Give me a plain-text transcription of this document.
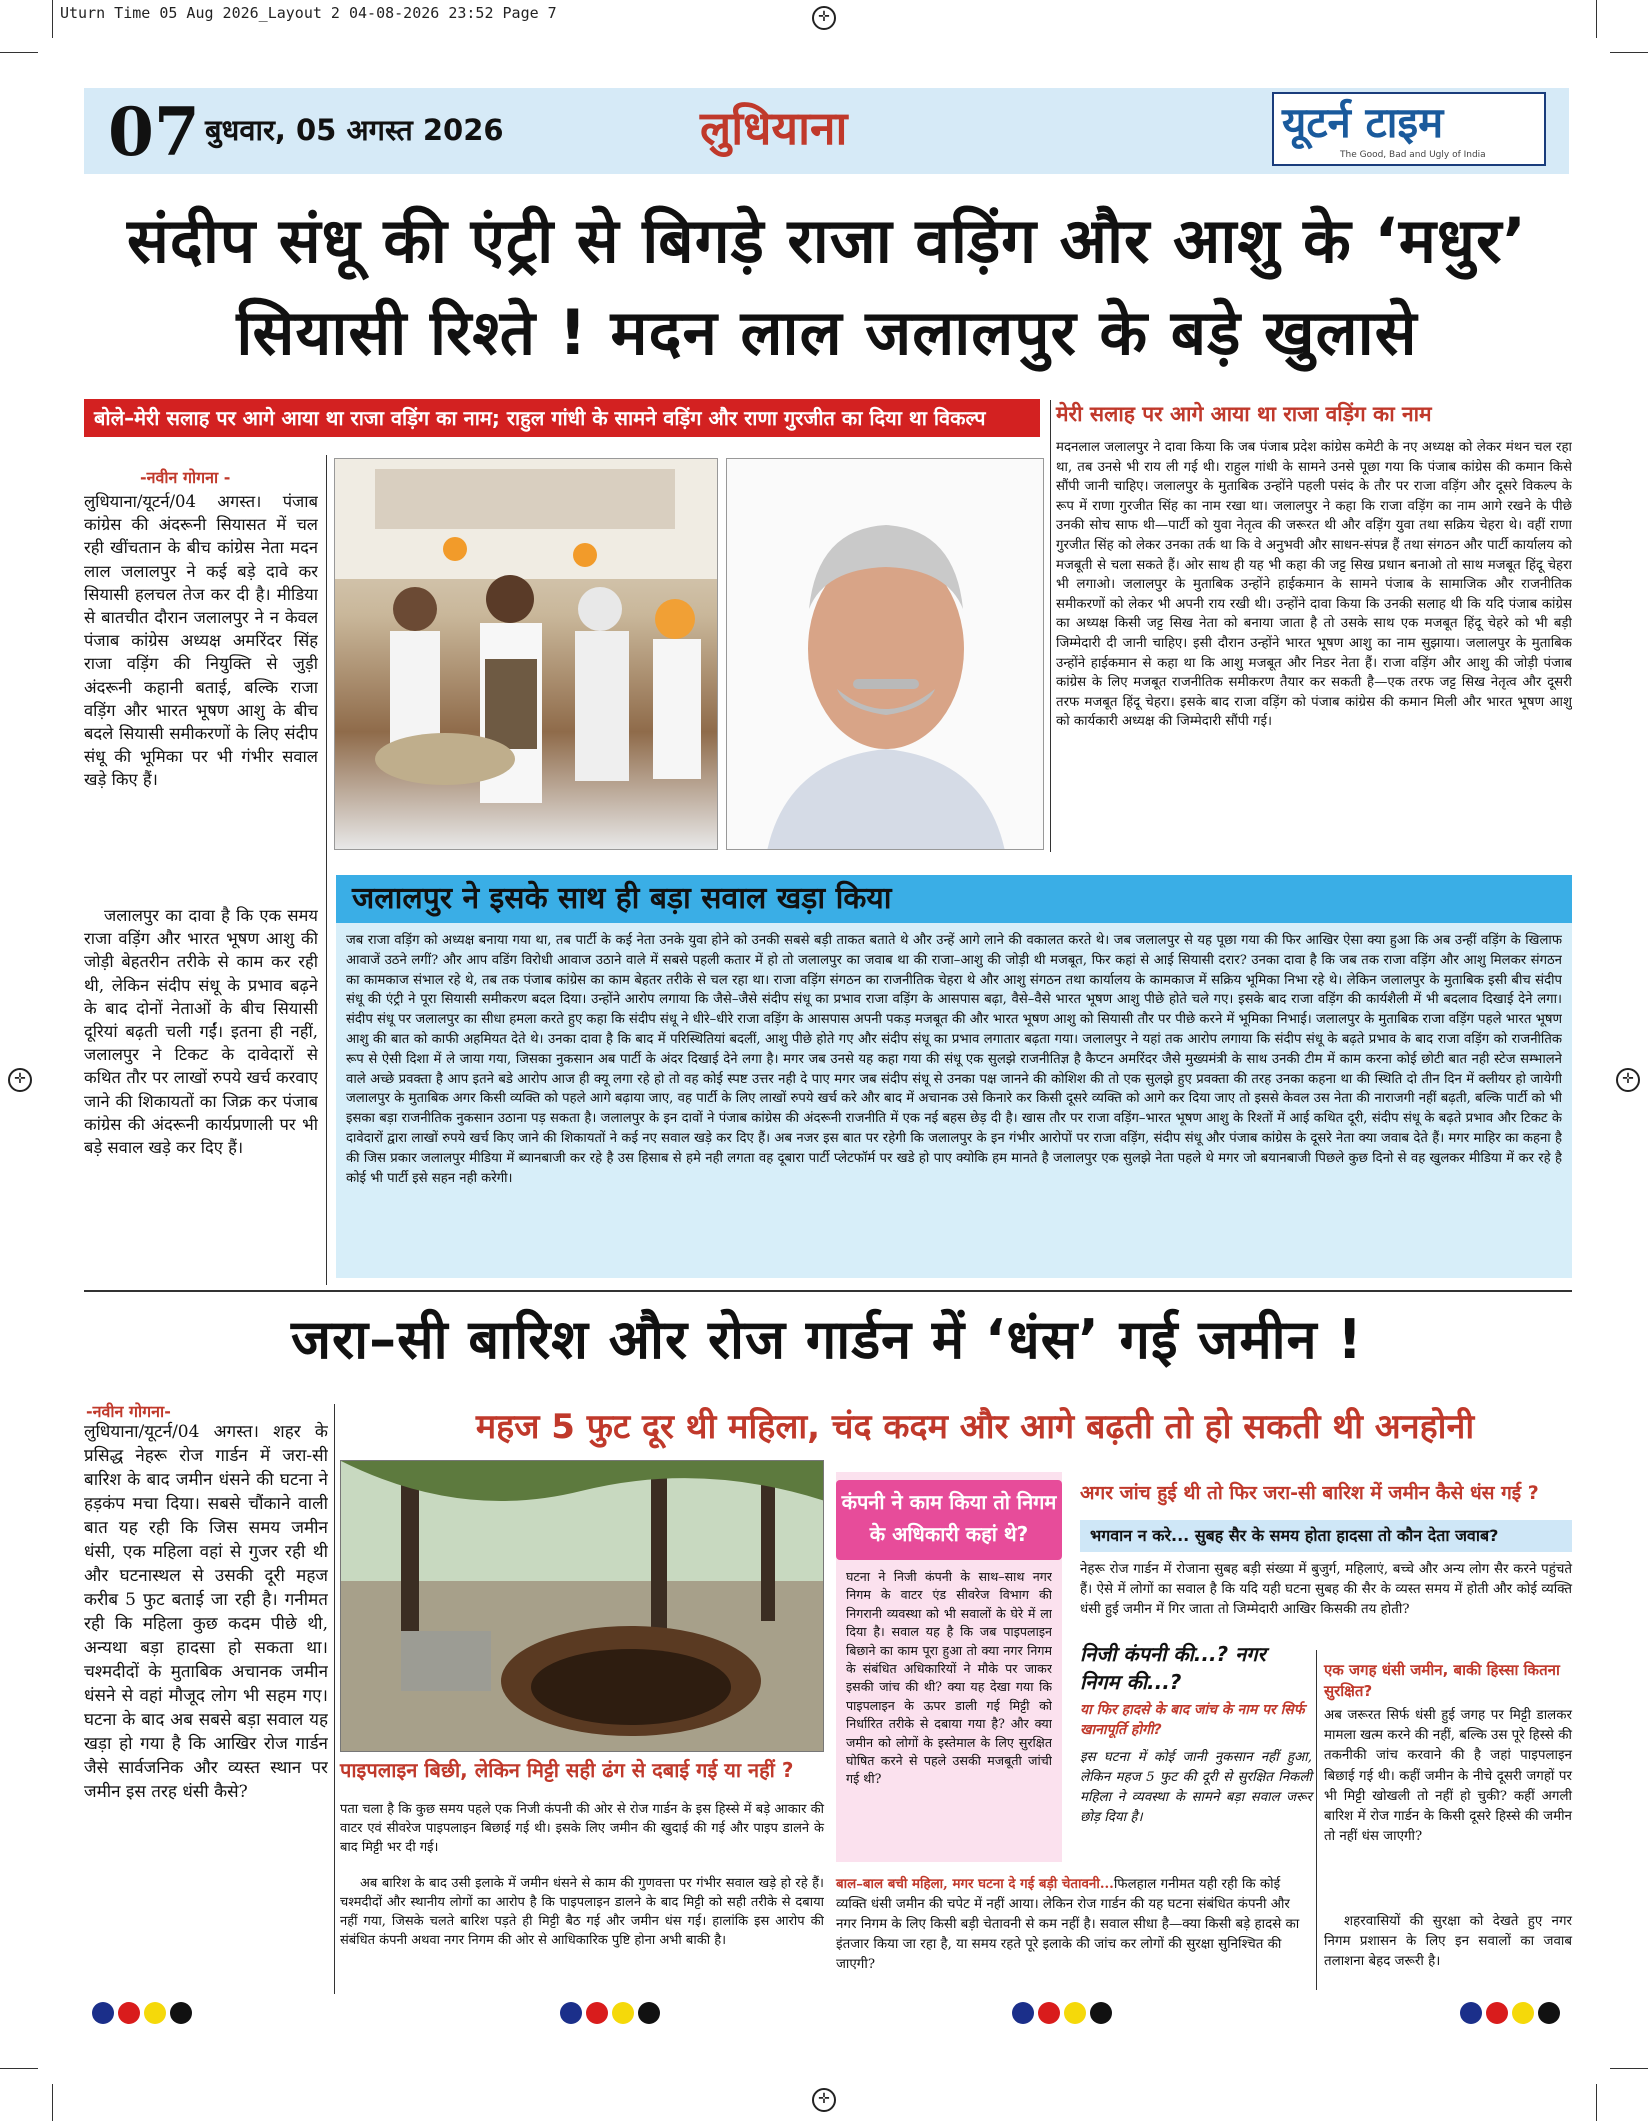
Uturn Time 05 Aug 2026_Layout 2 04-08-2026 23:52 Page 7	✛
✛	✛
✛
07 बुधवार, 05 अगस्त 2026	लुधियाना	यूटर्न टाइम
The Good, Bad and Ugly of India
संदीप संधू की एंट्री से बिगड़े राजा वड़िंग और आशु के ‘मधुर’
सियासी रिश्ते ! मदन लाल जलालपुर के बड़े खुलासे
बोले–मेरी सलाह पर आगे आया था राजा वड़िंग का नाम; राहुल गांधी के सामने वड़िंग और राणा गुरजीत का दिया था विकल्प
-नवीन गोगना -
लुधियाना/यूटर्न/04 अगस्त। पंजाब कांग्रेस की अंदरूनी सियासत में चल रही खींचतान के बीच कांग्रेस नेता मदन लाल जलालपुर ने कई बड़े दावे कर सियासी हलचल तेज कर दी है। मीडिया से बातचीत दौरान जलालपुर ने न केवल पंजाब कांग्रेस अध्यक्ष अमरिंदर सिंह राजा वड़िंग की नियुक्ति से जुड़ी अंदरूनी कहानी बताई, बल्कि राजा वड़िंग और भारत भूषण आशु के बीच बदले सियासी समीकरणों के लिए संदीप संधू की भूमिका पर भी गंभीर सवाल खड़े किए हैं।
जलालपुर का दावा है कि एक समय राजा वड़िंग और भारत भूषण आशु की जोड़ी बेहतरीन तरीके से काम कर रही थी, लेकिन संदीप संधू के प्रभाव बढ़ने के बाद दोनों नेताओं के बीच सियासी दूरियां बढ़ती चली गईं। इतना ही नहीं, जलालपुर ने टिकट के दावेदारों से कथित तौर पर लाखों रुपये खर्च करवाए जाने की शिकायतों का जिक्र कर पंजाब कांग्रेस की अंदरूनी कार्यप्रणाली पर भी बड़े सवाल खड़े कर दिए हैं।
मेरी सलाह पर आगे आया था राजा वड़िंग का नाम
मदनलाल जलालपुर ने दावा किया कि जब पंजाब प्रदेश कांग्रेस कमेटी के नए अध्यक्ष को लेकर मंथन चल रहा था, तब उनसे भी राय ली गई थी। राहुल गांधी के सामने उनसे पूछा गया कि पंजाब कांग्रेस की कमान किसे सौंपी जानी चाहिए। जलालपुर के मुताबिक उन्होंने पहली पसंद के तौर पर राजा वड़िंग और दूसरे विकल्प के रूप में राणा गुरजीत सिंह का नाम रखा था। जलालपुर ने कहा कि राजा वड़िंग का नाम आगे रखने के पीछे उनकी सोच साफ थी—पार्टी को युवा नेतृत्व की जरूरत थी और वड़िंग युवा तथा सक्रिय चेहरा थे। वहीं राणा गुरजीत सिंह को लेकर उनका तर्क था कि वे अनुभवी और साधन-संपन्न हैं तथा संगठन और पार्टी कार्यालय को मजबूती से चला सकते हैं। ओर साथ ही यह भी कहा की जट्ट सिख प्रधान बनाओ तो साथ मजबूत हिंदू चेहरा भी लगाओ। जलालपुर के मुताबिक उन्होंने हाईकमान के सामने पंजाब के सामाजिक और राजनीतिक समीकरणों को लेकर भी अपनी राय रखी थी। उन्होंने दावा किया कि उनकी सलाह थी कि यदि पंजाब कांग्रेस का अध्यक्ष किसी जट्ट सिख नेता को बनाया जाता है तो उसके साथ एक मजबूत हिंदू चेहरे को भी बड़ी जिम्मेदारी दी जानी चाहिए। इसी दौरान उन्होंने भारत भूषण आशु का नाम सुझाया। जलालपुर के मुताबिक उन्होंने हाईकमान से कहा था कि आशु मजबूत और निडर नेता हैं। राजा वड़िंग और आशु की जोड़ी पंजाब कांग्रेस के लिए मजबूत राजनीतिक समीकरण तैयार कर सकती है—एक तरफ जट्ट सिख नेतृत्व और दूसरी तरफ मजबूत हिंदू चेहरा। इसके बाद राजा वड़िंग को पंजाब कांग्रेस की कमान मिली और भारत भूषण आशु को कार्यकारी अध्यक्ष की जिम्मेदारी सौंपी गई।
जलालपुर ने इसके साथ ही बड़ा सवाल खड़ा किया
जब राजा वड़िंग को अध्यक्ष बनाया गया था, तब पार्टी के कई नेता उनके युवा होने को उनकी सबसे बड़ी ताकत बताते थे और उन्हें आगे लाने की वकालत करते थे। जब जलालपुर से यह पूछा गया की फिर आखिर ऐसा क्या हुआ कि अब उन्हीं वड़िंग के खिलाफ आवाजें उठने लगीं? और आप वडिंग विरोधी आवाज उठाने वाले में सबसे पहली कतार में हो तो जलालपुर का जवाब था की राजा–आशु की जोड़ी थी मजबूत, फिर कहां से आई सियासी दरार? उनका दावा है कि जब तक राजा वड़िंग और आशु मिलकर संगठन का कामकाज संभाल रहे थे, तब तक पंजाब कांग्रेस का काम बेहतर तरीके से चल रहा था। राजा वड़िंग संगठन का राजनीतिक चेहरा थे और आशु संगठन तथा कार्यालय के कामकाज में सक्रिय भूमिका निभा रहे थे। लेकिन जलालपुर के मुताबिक इसी बीच संदीप संधू की एंट्री ने पूरा सियासी समीकरण बदल दिया। उन्होंने आरोप लगाया कि जैसे–जैसे संदीप संधू का प्रभाव राजा वड़िंग के आसपास बढ़ा, वैसे–वैसे भारत भूषण आशु पीछे होते चले गए। इसके बाद राजा वड़िंग की कार्यशैली में भी बदलाव दिखाई देने लगा। संदीप संधू पर जलालपुर का सीधा हमला करते हुए कहा कि संदीप संधू ने धीरे–धीरे राजा वड़िंग के आसपास अपनी पकड़ मजबूत की और भारत भूषण आशु को सियासी तौर पर पीछे करने में भूमिका निभाई। जलालपुर के मुताबिक राजा वड़िंग पहले भारत भूषण आशु की बात को काफी अहमियत देते थे। उनका दावा है कि बाद में परिस्थितियां बदलीं, आशु पीछे होते गए और संदीप संधू का प्रभाव लगातार बढ़ता गया। जलालपुर ने यहां तक आरोप लगाया कि संदीप संधू के बढ़ते प्रभाव के बाद राजा वड़िंग को राजनीतिक रूप से ऐसी दिशा में ले जाया गया, जिसका नुकसान अब पार्टी के अंदर दिखाई देने लगा है। मगर जब उनसे यह कहा गया की संधू एक सुलझे राजनीतिज्ञ है कैप्टन अमरिंदर जैसे मुख्यमंत्री के साथ उनकी टीम में काम करना कोई छोटी बात नही स्टेज सम्भालने वाले अच्छे प्रवक्ता है आप इतने बडे आरोप आज ही क्यू लगा रहे हो तो वह कोई स्पष्ट उत्तर नही दे पाए मगर जब संदीप संधू से उनका पक्ष जानने की कोशिश की तो एक सुलझे हुए प्रवक्ता की तरह उनका कहना था की स्थिति दो तीन दिन में क्लीयर हो जायेगी जलालपुर के मुताबिक अगर किसी व्यक्ति को पहले आगे बढ़ाया जाए, वह पार्टी के लिए लाखों रुपये खर्च करे और बाद में अचानक उसे किनारे कर किसी दूसरे व्यक्ति को आगे कर दिया जाए तो इससे केवल उस नेता की नाराजगी नहीं बढ़ती, बल्कि पार्टी को भी इसका बड़ा राजनीतिक नुकसान उठाना पड़ सकता है। जलालपुर के इन दावों ने पंजाब कांग्रेस की अंदरूनी राजनीति में एक नई बहस छेड़ दी है। खास तौर पर राजा वड़िंग–भारत भूषण आशु के रिश्तों में आई कथित दूरी, संदीप संधू के बढ़ते प्रभाव और टिकट के दावेदारों द्वारा लाखों रुपये खर्च किए जाने की शिकायतों ने कई नए सवाल खड़े कर दिए हैं। अब नजर इस बात पर रहेगी कि जलालपुर के इन गंभीर आरोपों पर राजा वड़िंग, संदीप संधू और पंजाब कांग्रेस के दूसरे नेता क्या जवाब देते हैं। मगर माहिर का कहना है की जिस प्रकार जलालपुर मीडिया में ब्यानबाजी कर रहे है उस हिसाब से हमे नही लगता वह दूबारा पार्टी प्लेटफॉर्म पर खडे हो पाए क्योकि हम मानते है जलालपुर एक सुलझे नेता पहले थे मगर जो बयानबाजी पिछले कुछ दिनो से वह खुलकर मीडिया में कर रहे है कोई भी पार्टी इसे सहन नही करेगी।
जरा–सी बारिश और रोज गार्डन में ‘धंस’ गई जमीन !
महज 5 फुट दूर थी महिला, चंद कदम और आगे बढ़ती तो हो सकती थी अनहोनी
-नवीन गोगना-
लुधियाना/यूटर्न/04 अगस्त। शहर के प्रसिद्ध नेहरू रोज गार्डन में जरा-सी बारिश के बाद जमीन धंसने की घटना ने हड़कंप मचा दिया। सबसे चौंकाने वाली बात यह रही कि जिस समय जमीन धंसी, एक महिला वहां से गुजर रही थी और घटनास्थल से उसकी दूरी महज करीब 5 फुट बताई जा रही है। गनीमत रही कि महिला कुछ कदम पीछे थी, अन्यथा बड़ा हादसा हो सकता था। चश्मदीदों के मुताबिक अचानक जमीन धंसने से वहां मौजूद लोग भी सहम गए। घटना के बाद अब सबसे बड़ा सवाल यह खड़ा हो गया है कि आखिर रोज गार्डन जैसे सार्वजनिक और व्यस्त स्थान पर जमीन इस तरह धंसी कैसे?
पाइपलाइन बिछी, लेकिन मिट्टी सही ढंग से दबाई गई या नहीं ?
पता चला है कि कुछ समय पहले एक निजी कंपनी की ओर से रोज गार्डन के इस हिस्से में बड़े आकार की वाटर एवं सीवरेज पाइपलाइन बिछाई गई थी। इसके लिए जमीन की खुदाई की गई और पाइप डालने के बाद मिट्टी भर दी गई।
अब बारिश के बाद उसी इलाके में जमीन धंसने से काम की गुणवत्ता पर गंभीर सवाल खड़े हो रहे हैं। चश्मदीदों और स्थानीय लोगों का आरोप है कि पाइपलाइन डालने के बाद मिट्टी को सही तरीके से दबाया नहीं गया, जिसके चलते बारिश पड़ते ही मिट्टी बैठ गई और जमीन धंस गई। हालांकि इस आरोप की संबंधित कंपनी अथवा नगर निगम की ओर से आधिकारिक पुष्टि होना अभी बाकी है।
कंपनी ने काम किया तो निगम के अधिकारी कहां थे?
घटना ने निजी कंपनी के साथ–साथ नगर निगम के वाटर एंड सीवरेज विभाग की निगरानी व्यवस्था को भी सवालों के घेरे में ला दिया है। सवाल यह है कि जब पाइपलाइन बिछाने का काम पूरा हुआ तो क्या नगर निगम के संबंधित अधिकारियों ने मौके पर जाकर इसकी जांच की थी? क्या यह देखा गया कि पाइपलाइन के ऊपर डाली गई मिट्टी को निर्धारित तरीके से दबाया गया है? और क्या जमीन को लोगों के इस्तेमाल के लिए सुरक्षित घोषित करने से पहले उसकी मजबूती जांची गई थी?
अगर जांच हुई थी तो फिर जरा-सी बारिश में जमीन कैसे धंस गई ?
भगवान न करे... सुबह सैर के समय होता हादसा तो कौन देता जवाब?
नेहरू रोज गार्डन में रोजाना सुबह बड़ी संख्या में बुजुर्ग, महिलाएं, बच्चे और अन्य लोग सैर करने पहुंचते हैं। ऐसे में लोगों का सवाल है कि यदि यही घटना सुबह की सैर के व्यस्त समय में होती और कोई व्यक्ति धंसी हुई जमीन में गिर जाता तो जिम्मेदारी आखिर किसकी तय होती?
निजी कंपनी की...? नगर निगम की...?
या फिर हादसे के बाद जांच के नाम पर सिर्फ खानापूर्ति होगी?
इस घटना में कोई जानी नुकसान नहीं हुआ, लेकिन महज 5 फुट की दूरी से सुरक्षित निकली महिला ने व्यवस्था के सामने बड़ा सवाल जरूर छोड़ दिया है।
एक जगह धंसी जमीन, बाकी हिस्सा कितना सुरक्षित?
अब जरूरत सिर्फ धंसी हुई जगह पर मिट्टी डालकर मामला खत्म करने की नहीं, बल्कि उस पूरे हिस्से की तकनीकी जांच करवाने की है जहां पाइपलाइन बिछाई गई थी। कहीं जमीन के नीचे दूसरी जगहों पर भी मिट्टी खोखली तो नहीं हो चुकी? कहीं अगली बारिश में रोज गार्डन के किसी दूसरे हिस्से की जमीन तो नहीं धंस जाएगी?
शहरवासियों की सुरक्षा को देखते हुए नगर निगम प्रशासन के लिए इन सवालों का जवाब तलाशना बेहद जरूरी है।
बाल–बाल बची महिला, मगर घटना दे गई बड़ी चेतावनी...फिलहाल गनीमत यही रही कि कोई व्यक्ति धंसी जमीन की चपेट में नहीं आया। लेकिन रोज गार्डन की यह घटना संबंधित कंपनी और नगर निगम के लिए किसी बड़ी चेतावनी से कम नहीं है। सवाल सीधा है—क्या किसी बड़े हादसे का इंतजार किया जा रहा है, या समय रहते पूरे इलाके की जांच कर लोगों की सुरक्षा सुनिश्चित की जाएगी?
